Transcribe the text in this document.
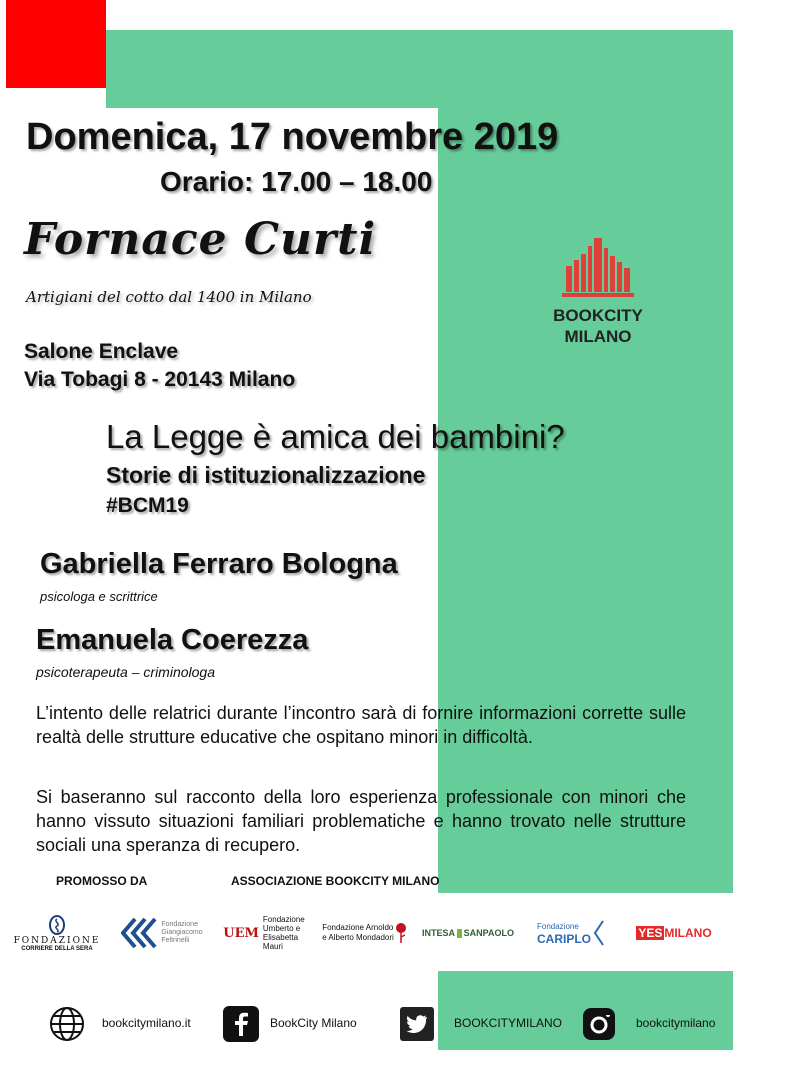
Domenica, 17 novembre 2019
Orario: 17.00 – 18.00
Fornace Curti
Artigiani del cotto dal 1400 in Milano
Salone Enclave
Via Tobagi 8 - 20143 Milano
BOOKCITY
MILANO
La Legge è amica dei bambini?
Storie di istituzionalizzazione
#BCM19
Gabriella Ferraro Bologna
psicologa e scrittrice
Emanuela Coerezza
psicoterapeuta – criminologa
L’intento delle relatrici durante l’incontro sarà di fornire informazioni corrette sulle realtà delle strutture educative che ospitano minori in difficoltà.
Si baseranno sul racconto della loro esperienza professionale con minori che hanno vissuto situazioni familiari problematiche e hanno trovato nelle strutture sociali una speranza di recupero.
PROMOSSO DA	ASSOCIAZIONE BOOKCITY MILANO
FONDAZIONE
CORRIERE DELLA SERA
Fondazione
Giangiacomo
Feltrinelli	UEM
Fondazione
Umberto e
Elisabetta
Mauri
Fondazione Arnoldo
e Alberto Mondadori	INTESA SANPAOLO
Fondazione
CARIPLO	YES MILANO
bookcitymilano.it	BookCity Milano	BOOKCITYMILANO	bookcitymilano
